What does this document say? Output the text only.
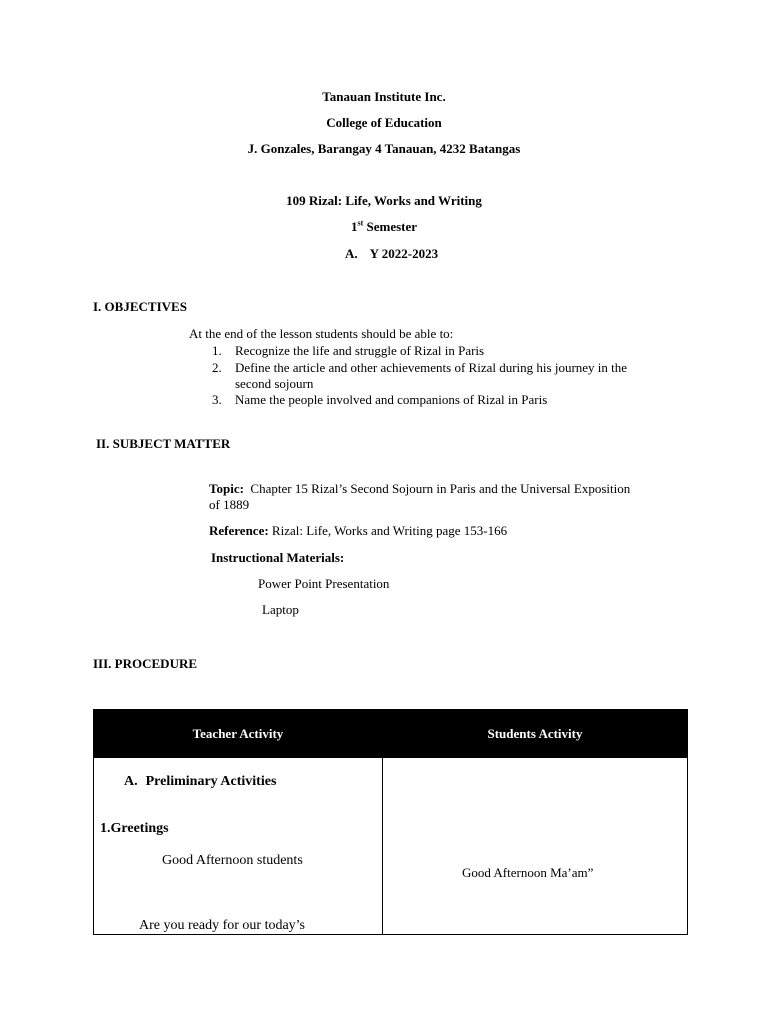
Tanauan Institute Inc.
College of Education
J. Gonzales, Barangay 4 Tanauan, 4232 Batangas
109 Rizal: Life, Works and Writing
1st Semester
A. Y 2022-2023
I. OBJECTIVES
At the end of the lesson students should be able to:
1. Recognize the life and struggle of Rizal in Paris
2. Define the article and other achievements of Rizal during his journey in the
second sojourn
3. Name the people involved and companions of Rizal in Paris
II. SUBJECT MATTER
Topic:  Chapter 15 Rizal’s Second Sojourn in Paris and the Universal Exposition
of 1889
Reference: Rizal: Life, Works and Writing page 153-166
Instructional Materials:
Power Point Presentation
Laptop
III. PROCEDURE
Teacher Activity	Students Activity

A. Preliminary Activities
1.Greetings
Good Afternoon students
Are you ready for our today’s	Good Afternoon Ma’am”
